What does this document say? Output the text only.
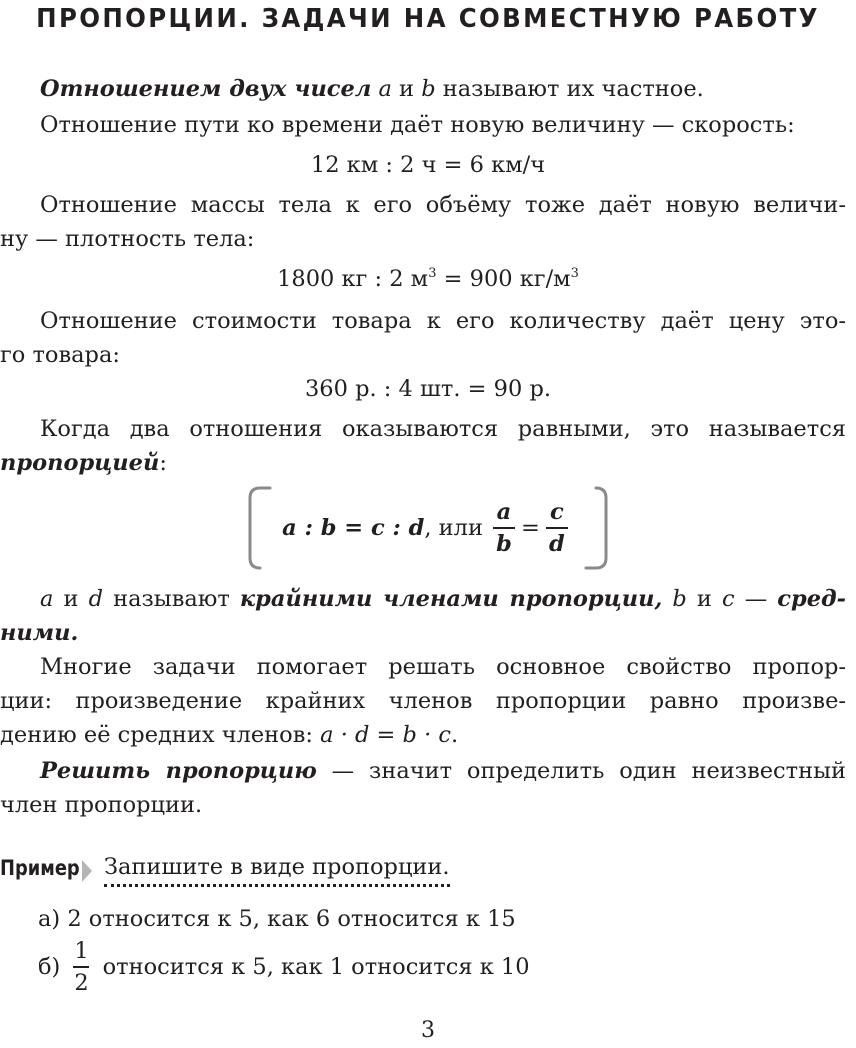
ПРОПОРЦИИ. ЗАДАЧИ НА СОВМЕСТНУЮ РАБОТУ
Отношением двух чисел a и b называют их частное.
Отношение пути ко времени даёт новую величину — скорость:
12 км : 2 ч = 6 км/ч
Отношение массы тела к его объёму тоже даёт новую величи-
ну — плотность тела:
1800 кг : 2 $м^3 = 900$ $кг/м^3$
Отношение стоимости товара к его количеству даёт цену это-
го товара:
360 р. : 4 шт. = 90 р.
Когда два отношения оказываются равными, это называется
пропорцией:
a : b = c : d , или $\frac{a}{b} = \frac{c}{d}$
a и d называют крайними членами пропорции, b и c — сред-
ними.
Многие задачи помогает решать основное свойство пропор-
ции: произведение крайних членов пропорции равно произве-
дению её средних членов: a · d = b · c.
Решить пропорцию — значит определить один неизвестный
член пропорции.
Пример Запишите в виде пропорции.
а) 2 относится к 5, как 6 относится к 15
$б) \frac{1}{2}$ относится к 5, как 1 относится к 10
3
